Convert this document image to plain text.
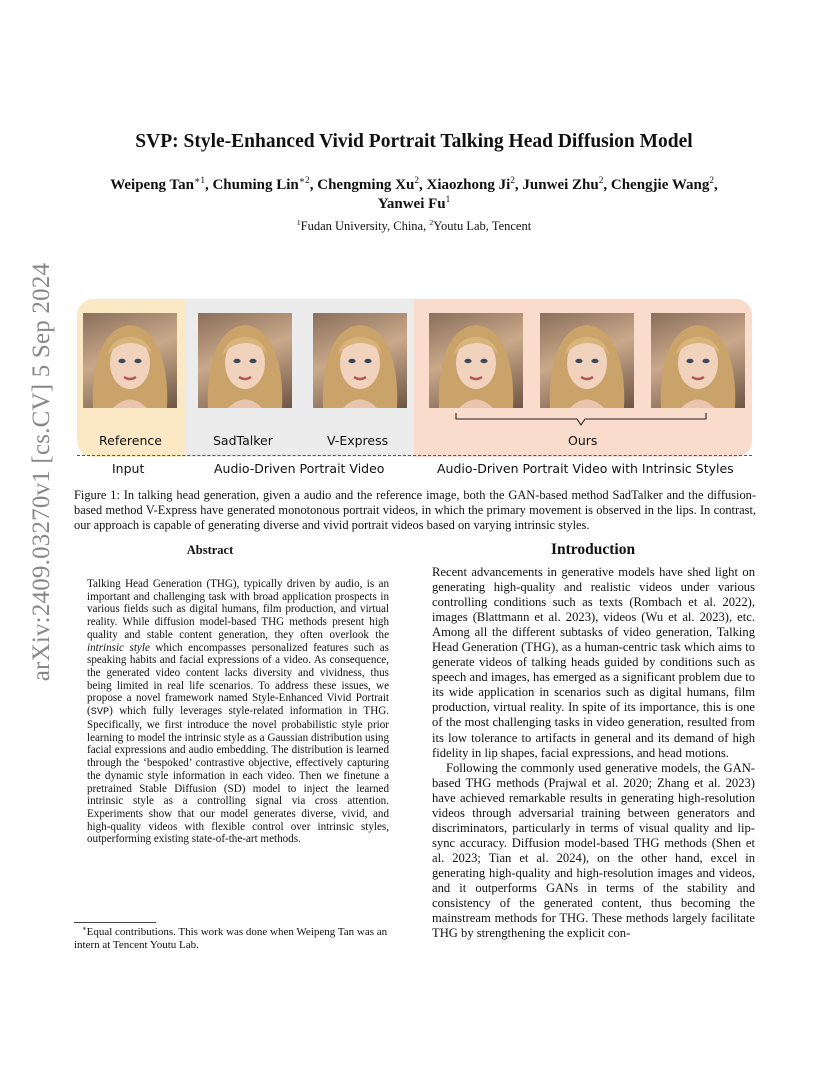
arXiv:2409.03270v1 [cs.CV] 5 Sep 2024
SVP: Style-Enhanced Vivid Portrait Talking Head Diffusion Model
Weipeng Tan$^{∗1}$, Chuming Lin$^{∗2}$, Chengming Xu$^2$, Xiaozhong Ji$^2$, Junwei Zhu$^2$, Chengjie Wang$^2$,
Yanwei Fu$^1$
$^1$Fudan University, China, $^2$Youtu Lab, Tencent
Reference	SadTalker	V-Express	Ours
Input	Audio-Driven Portrait Video	Audio-Driven Portrait Video with Intrinsic Styles
Figure 1: In talking head generation, given a audio and the reference image, both the GAN-based method SadTalker and the diffusion-based method V-Express have generated monotonous portrait videos, in which the primary movement is observed in the lips. In contrast, our approach is capable of generating diverse and vivid portrait videos based on varying intrinsic styles.
Abstract
Talking Head Generation (THG), typically driven by audio, is an important and challenging task with broad application prospects in various fields such as digital humans, film production, and virtual reality. While diffusion model-based THG methods present high quality and stable content generation, they often overlook the intrinsic style which encompasses personalized features such as speaking habits and facial expressions of a video. As consequence, the generated video content lacks diversity and vividness, thus being limited in real life scenarios. To address these issues, we propose a novel framework named Style-Enhanced Vivid Portrait (SVP) which fully leverages style-related information in THG. Specifically, we first introduce the novel probabilistic style prior learning to model the intrinsic style as a Gaussian distribution using facial expressions and audio embedding. The distribution is learned through the ‘bespoked’ contrastive objective, effectively capturing the dynamic style information in each video. Then we finetune a pretrained Stable Diffusion (SD) model to inject the learned intrinsic style as a controlling signal via cross attention. Experiments show that our model generates diverse, vivid, and high-quality videos with flexible control over intrinsic styles, outperforming existing state-of-the-art methods.
∗Equal contributions. This work was done when Weipeng Tan was an intern at Tencent Youtu Lab.
Introduction

Recent advancements in generative models have shed light on generating high-quality and realistic videos under various controlling conditions such as texts (Rombach et al. 2022), images (Blattmann et al. 2023), videos (Wu et al. 2023), etc. Among all the different subtasks of video generation, Talking Head Generation (THG), as a human-centric task which aims to generate videos of talking heads guided by conditions such as speech and images, has emerged as a significant problem due to its wide application in scenarios such as digital humans, film production, virtual reality. In spite of its importance, this is one of the most challenging tasks in video generation, resulted from its low tolerance to artifacts in general and its demand of high fidelity in lip shapes, facial expressions, and head motions.

Following the commonly used generative models, the GAN-based THG methods (Prajwal et al. 2020; Zhang et al. 2023) have achieved remarkable results in generating high-resolution videos through adversarial training between generators and discriminators, particularly in terms of visual quality and lip-sync accuracy. Diffusion model-based THG methods (Shen et al. 2023; Tian et al. 2024), on the other hand, excel in generating high-quality and high-resolution images and videos, and it outperforms GANs in terms of the stability and consistency of the generated content, thus becoming the mainstream methods for THG. These methods largely facilitate THG by strengthening the explicit con-
